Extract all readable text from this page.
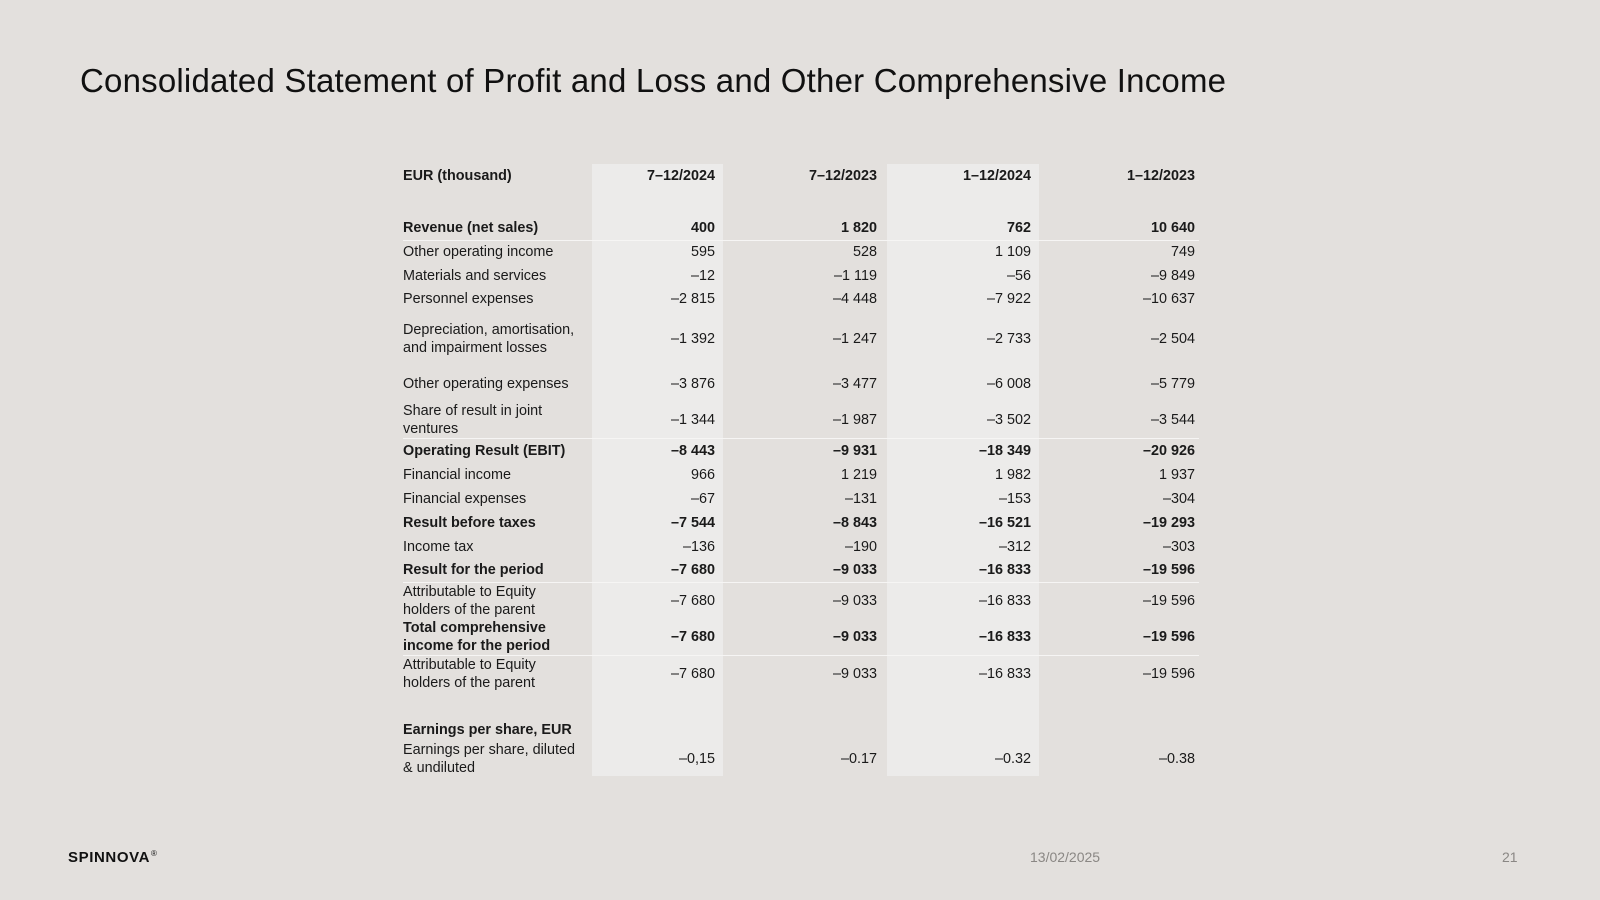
Consolidated Statement of Profit and Loss and Other Comprehensive Income
EUR (thousand)	7–12/2024	7–12/2023	1–12/2024	1–12/2023

Revenue (net sales)	400	1 820	762	10 640
Other operating income	595	528	1 109	749
Materials and services	–12	–1 119	–56	–9 849
Personnel expenses	–2 815	–4 448	–7 922	–10 637
Depreciation, amortisation, and impairment losses	–1 392	–1 247	–2 733	–2 504
Other operating expenses	–3 876	–3 477	–6 008	–5 779
Share of result in joint ventures	–1 344	–1 987	–3 502	–3 544
Operating Result (EBIT)	–8 443	–9 931	–18 349	–20 926
Financial income	966	1 219	1 982	1 937
Financial expenses	–67	–131	–153	–304
Result before taxes	–7 544	–8 843	–16 521	–19 293
Income tax	–136	–190	–312	–303
Result for the period	–7 680	–9 033	–16 833	–19 596
Attributable to Equity holders of the parent	–7 680	–9 033	–16 833	–19 596
Total comprehensive income for the period	–7 680	–9 033	–16 833	–19 596
Attributable to Equity holders of the parent	–7 680	–9 033	–16 833	–19 596

Earnings per share, EUR				
Earnings per share, diluted & undiluted	–0,15	–0.17	–0.32	–0.38
SPINNOVA®	13/02/2025	21
